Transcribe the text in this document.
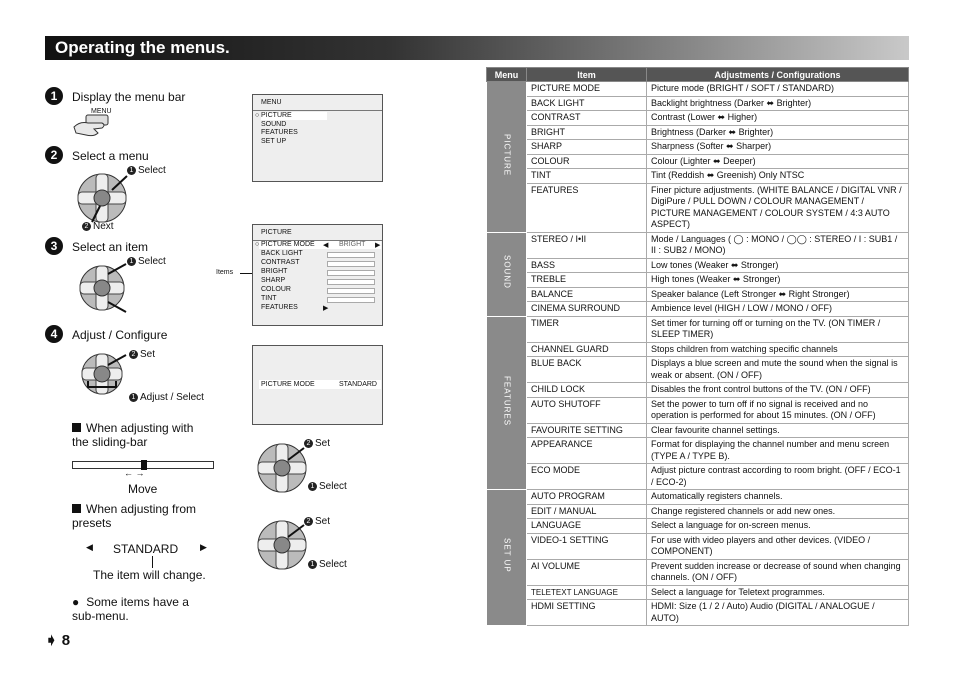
Operating the menus.
1	Display the menu bar
MENU
2	Select a menu
1 Select
2 Next
3	Select an item
1 Select
4	Adjust / Configure
2 Set
1 Adjust / Select
When adjusting with the sliding-bar
← →
Move
When adjusting from presets
◀ STANDARD ▶
The item will change.
● Some items have a sub-menu.
MENU
○ PICTURE
SOUND
FEATURES
SET UP
Items
PICTURE
○ PICTURE MODE ◀ BRIGHT ▶
BACK LIGHT
CONTRAST
BRIGHT
SHARP
COLOUR
TINT
FEATURES	▶
PICTURE MODE	STANDARD
2 Set
1 Select
2 Set
1 Select
➧ 8
Menu	Item	Adjustments / Configurations
PICTURE	PICTURE MODE	Picture mode (BRIGHT / SOFT / STANDARD)
	BACK LIGHT	Backlight brightness (Darker ⬌ Brighter)
	CONTRAST	Contrast (Lower ⬌ Higher)
	BRIGHT	Brightness (Darker ⬌ Brighter)
	SHARP	Sharpness (Softer ⬌ Sharper)
	COLOUR	Colour (Lighter ⬌ Deeper)
	TINT	Tint (Reddish ⬌ Greenish) Only NTSC
	FEATURES	Finer picture adjustments. (WHITE BALANCE / DIGITAL VNR / DigiPure / PULL DOWN / COLOUR MANAGEMENT / PICTURE MANAGEMENT / COLOUR SYSTEM / 4:3 AUTO ASPECT)
SOUND	STEREO / I•II	Mode / Languages ( ◯ : MONO / ◯◯ : STEREO / I : SUB1 / II : SUB2 / MONO)
	BASS	Low tones (Weaker ⬌ Stronger)
	TREBLE	High tones (Weaker ⬌ Stronger)
	BALANCE	Speaker balance (Left Stronger ⬌ Right Stronger)
	CINEMA SURROUND	Ambience level (HIGH / LOW / MONO / OFF)
FEATURES	TIMER	Set timer for turning off or turning on the TV. (ON TIMER / SLEEP TIMER)
	CHANNEL GUARD	Stops children from watching specific channels
	BLUE BACK	Displays a blue screen and mute the sound when the signal is weak or absent. (ON / OFF)
	CHILD LOCK	Disables the front control buttons of the TV. (ON / OFF)
	AUTO SHUTOFF	Set the power to turn off if no signal is received and no operation is performed for about 15 minutes. (ON / OFF)
	FAVOURITE SETTING	Clear favourite channel settings.
	APPEARANCE	Format for displaying the channel number and menu screen (TYPE A / TYPE B).
	ECO MODE	Adjust picture contrast according to room bright. (OFF / ECO-1 / ECO-2)
SET UP	AUTO PROGRAM	Automatically registers channels.
	EDIT / MANUAL	Change registered channels or add new ones.
	LANGUAGE	Select a language for on-screen menus.
	VIDEO-1 SETTING	For use with video players and other devices. (VIDEO / COMPONENT)
	AI VOLUME	Prevent sudden increase or decrease of sound when changing channels. (ON / OFF)
	TELETEXT LANGUAGE	Select a language for Teletext programmes.
	HDMI SETTING	HDMI: Size (1 / 2 / Auto) Audio (DIGITAL / ANALOGUE / AUTO)
